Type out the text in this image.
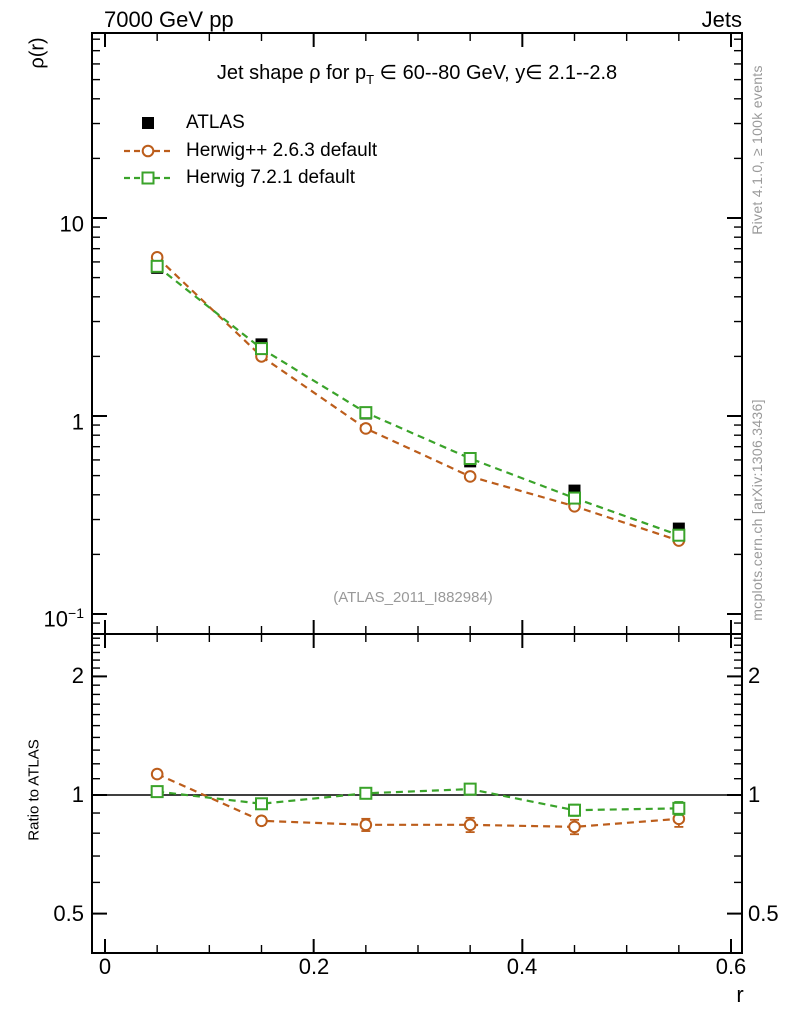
7000 GeV pp	Jets
Jet shape ρ for $p_T$ ∈ 60--80 GeV, y∈ 2.1--2.8
ATLAS
Herwig++ 2.6.3 default
Herwig 7.2.1 default
10
1
$10^{-1}$
2
1
0.5
2
1
0.5
0	0.2	0.4	0.6
ρ(r)
Ratio to ATLAS
r
(ATLAS_2011_I882984)
Rivet 4.1.0, ≥ 100k events
mcplots.cern.ch [arXiv:1306.3436]
